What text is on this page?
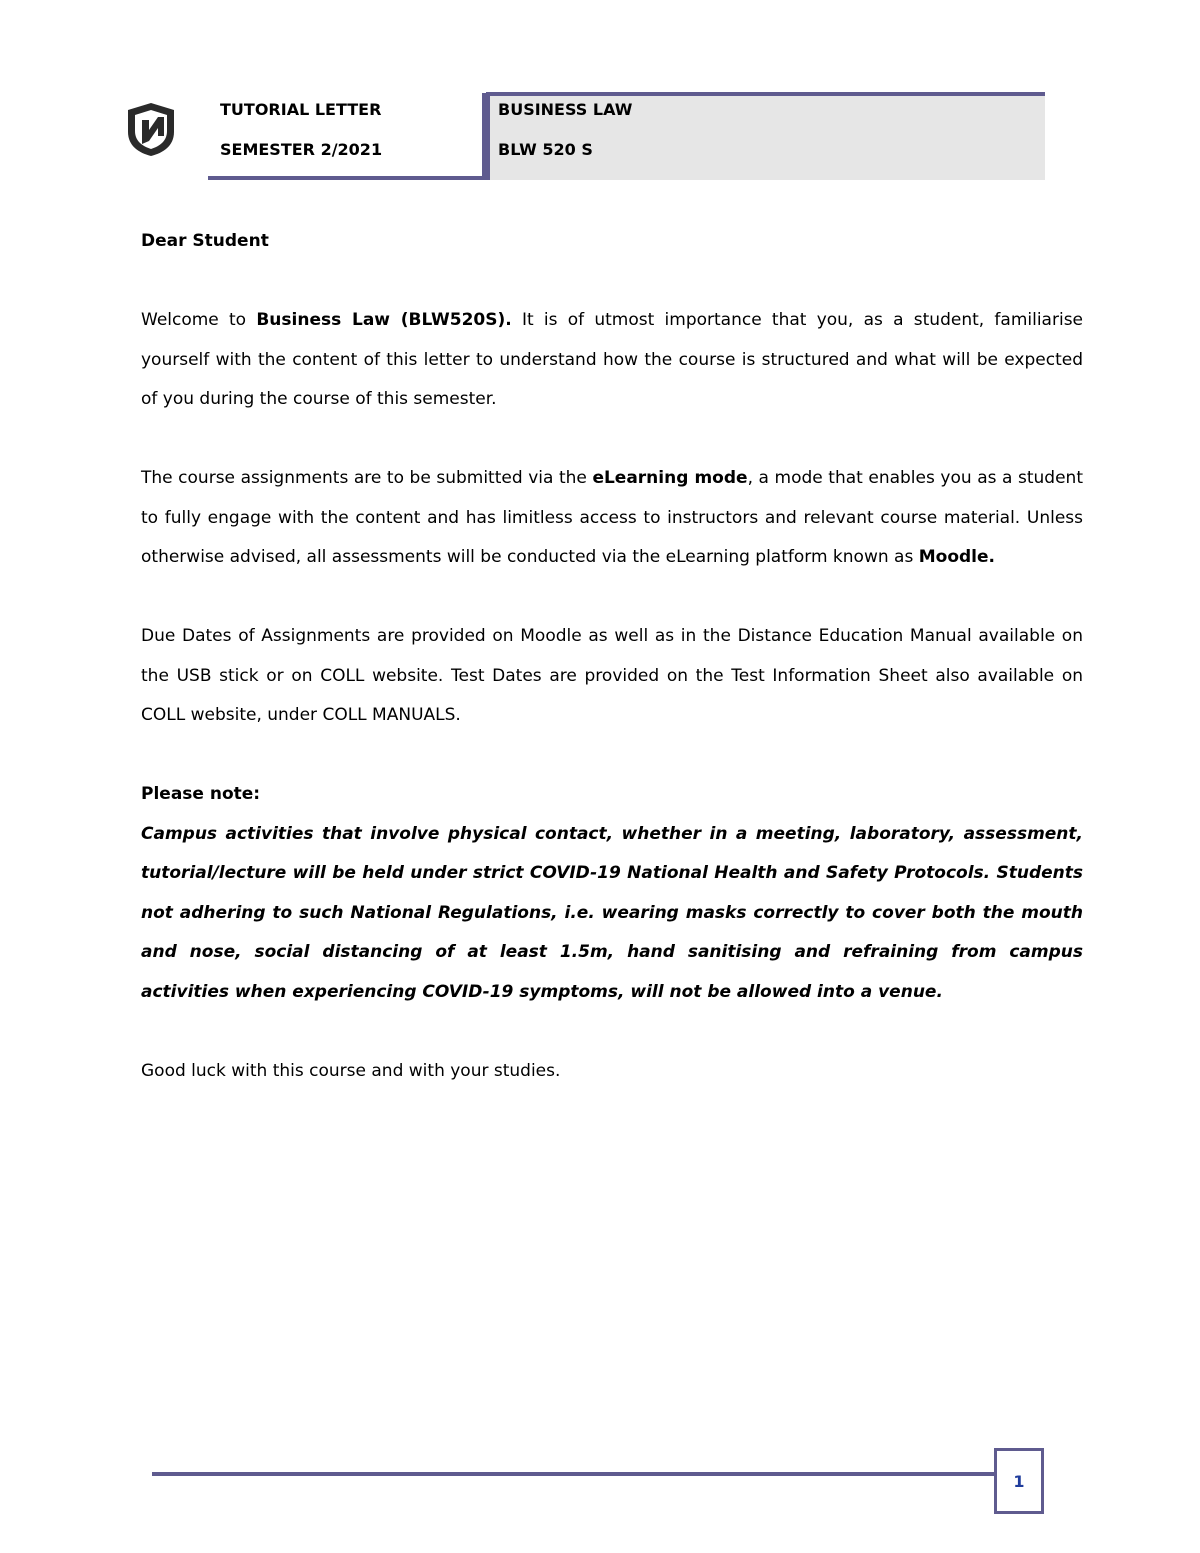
TUTORIAL LETTER
SEMESTER 2/2021
BUSINESS LAW
BLW 520 S

Dear Student

Welcome to Business Law (BLW520S). It is of utmost importance that you, as a student, familiarise yourself with the content of this letter to understand how the course is structured and what will be expected of you during the course of this semester.

The course assignments are to be submitted via the eLearning mode, a mode that enables you as a student to fully engage with the content and has limitless access to instructors and relevant course material. Unless otherwise advised, all assessments will be conducted via the eLearning platform known as Moodle.

Due Dates of Assignments are provided on Moodle as well as in the Distance Education Manual available on the USB stick or on COLL website. Test Dates are provided on the Test Information Sheet also available on COLL website, under COLL MANUALS.

Please note:

Campus activities that involve physical contact, whether in a meeting, laboratory, assessment, tutorial/lecture will be held under strict COVID-19 National Health and Safety Protocols. Students not adhering to such National Regulations, i.e. wearing masks correctly to cover both the mouth and nose, social distancing of at least 1.5m, hand sanitising and refraining from campus activities when experiencing COVID-19 symptoms, will not be allowed into a venue.

Good luck with this course and with your studies.

1
